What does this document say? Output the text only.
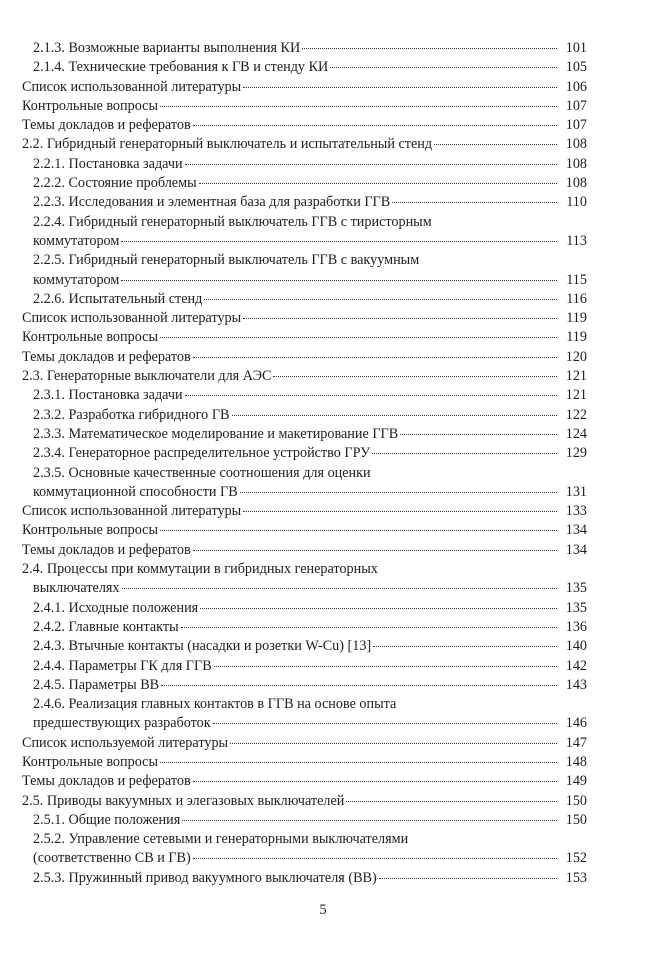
2.1.3. Возможные варианты выполнения КИ	101
2.1.4. Технические требования к ГВ и стенду КИ	105
Список использованной литературы	106
Контрольные вопросы	107
Темы докладов и рефератов	107
2.2. Гибридный генераторный выключатель и испытательный стенд	108
2.2.1. Постановка задачи	108
2.2.2. Состояние проблемы	108
2.2.3. Исследования и элементная база для разработки ГГВ	110
2.2.4. Гибридный генераторный выключатель ГГВ с тиристорным
коммутатором	113
2.2.5. Гибридный генераторный выключатель ГГВ с вакуумным
коммутатором	115
2.2.6. Испытательный стенд	116
Список использованной литературы	119
Контрольные вопросы	119
Темы докладов и рефератов	120
2.3. Генераторные выключатели для АЭС	121
2.3.1. Постановка задачи	121
2.3.2. Разработка гибридного ГВ	122
2.3.3. Математическое моделирование и макетирование ГГВ	124
2.3.4. Генераторное распределительное устройство ГРУ	129
2.3.5. Основные качественные соотношения для оценки
коммутационной способности ГВ	131
Список использованной литературы	133
Контрольные вопросы	134
Темы докладов и рефератов	134
2.4. Процессы при коммутации в гибридных генераторных
выключателях	135
2.4.1. Исходные положения	135
2.4.2. Главные контакты	136
2.4.3. Втычные контакты (насадки и розетки W-Cu) [13]	140
2.4.4. Параметры ГК для ГГВ	142
2.4.5. Параметры ВВ	143
2.4.6. Реализация главных контактов в ГГВ на основе опыта
предшествующих разработок	146
Список используемой литературы	147
Контрольные вопросы	148
Темы докладов и рефератов	149
2.5. Приводы вакуумных и элегазовых выключателей	150
2.5.1. Общие положения	150
2.5.2. Управление сетевыми и генераторными выключателями
(соответственно СВ и ГВ)	152
2.5.3. Пружинный привод вакуумного выключателя (ВВ)	153
5
